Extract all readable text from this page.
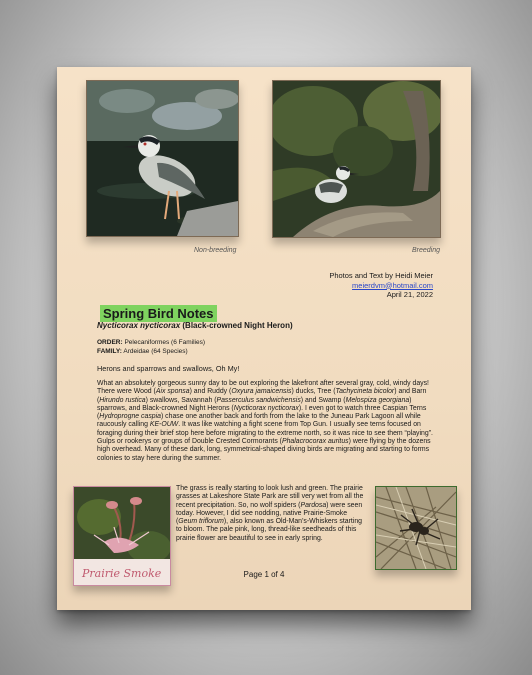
Non-breeding	Breeding
Photos and Text by Heidi Meier
meierdvm@hotmail.com
April 21, 2022
Spring Bird Notes
Nycticorax nycticorax (Black-crowned Night Heron)
ORDER: Pelecaniformes (6 Families)
FAMILY: Ardeidae (64 Species)
Herons and sparrows and swallows, Oh My!
What an absolutely gorgeous sunny day to be out exploring the lakefront after several gray, cold, windy days! There were Wood (Aix sponsa) and Ruddy (Oxyura jamaicensis) ducks, Tree (Tachycineta bicolor) and Barn (Hirundo rustica) swallows, Savannah (Passerculus sandwichensis) and Swamp (Melospiza georgiana) sparrows, and Black-crowned Night Herons (Nycticorax nycticorax). I even got to watch three Caspian Terns (Hydroprogne caspia) chase one another back and forth from the lake to the Juneau Park Lagoon all while raucously calling KE-OUW. It was like watching a fight scene from Top Gun. I usually see terns focused on foraging during their brief stop here before migrating to the extreme north, so it was nice to see them “playing”. Gulps or rookerys or groups of Double Crested Cormorants (Phalacrocorax auritus) were flying by the dozens high overhead. Many of these dark, long, symmetrical-shaped diving birds are migrating and starting to forms colonies to stay here during the summer.
Prairie Smoke
The grass is really starting to look lush and green. The prairie grasses at Lakeshore State Park are still very wet from all the recent precipitation. So, no wolf spiders (Pardosa) were seen today. However, I did see nodding, native Prairie-Smoke (Geum triflorum), also known as Old-Man’s-Whiskers starting to bloom. The pale pink, long, thread-like seedheads of this prairie flower are beautiful to see in early spring.
Page 1 of 4
